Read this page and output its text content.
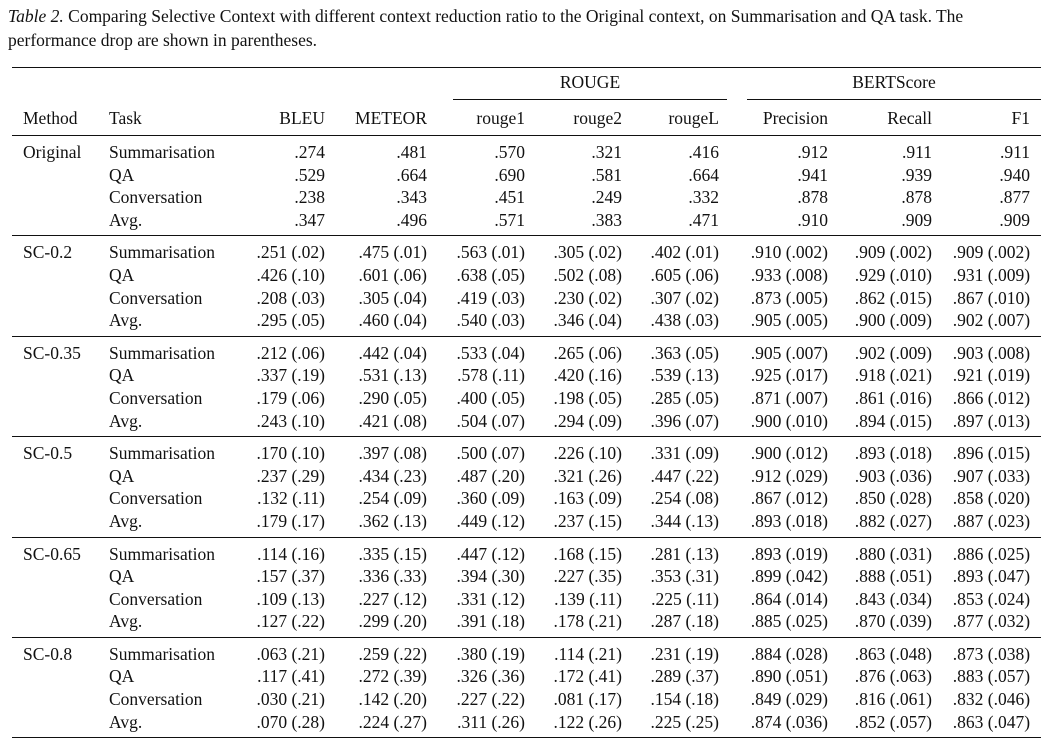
Table 2. Comparing Selective Context with different context reduction ratio to the Original context, on Summarisation and QA task. The performance drop are shown in parentheses.

				ROUGE			BERTScore		

Method	Task	BLEU	METEOR	rouge1	rouge2	rougeL	Precision	Recall	F1
Original	Summarisation	.274	.481	.570	.321	.416	.912	.911	.911
	QA	.529	.664	.690	.581	.664	.941	.939	.940
	Conversation	.238	.343	.451	.249	.332	.878	.878	.877
	Avg.	.347	.496	.571	.383	.471	.910	.909	.909
SC-0.2	Summarisation	.251 (.02)	.475 (.01)	.563 (.01)	.305 (.02)	.402 (.01)	.910 (.002)	.909 (.002)	.909 (.002)
	QA	.426 (.10)	.601 (.06)	.638 (.05)	.502 (.08)	.605 (.06)	.933 (.008)	.929 (.010)	.931 (.009)
	Conversation	.208 (.03)	.305 (.04)	.419 (.03)	.230 (.02)	.307 (.02)	.873 (.005)	.862 (.015)	.867 (.010)
	Avg.	.295 (.05)	.460 (.04)	.540 (.03)	.346 (.04)	.438 (.03)	.905 (.005)	.900 (.009)	.902 (.007)
SC-0.35	Summarisation	.212 (.06)	.442 (.04)	.533 (.04)	.265 (.06)	.363 (.05)	.905 (.007)	.902 (.009)	.903 (.008)
	QA	.337 (.19)	.531 (.13)	.578 (.11)	.420 (.16)	.539 (.13)	.925 (.017)	.918 (.021)	.921 (.019)
	Conversation	.179 (.06)	.290 (.05)	.400 (.05)	.198 (.05)	.285 (.05)	.871 (.007)	.861 (.016)	.866 (.012)
	Avg.	.243 (.10)	.421 (.08)	.504 (.07)	.294 (.09)	.396 (.07)	.900 (.010)	.894 (.015)	.897 (.013)
SC-0.5	Summarisation	.170 (.10)	.397 (.08)	.500 (.07)	.226 (.10)	.331 (.09)	.900 (.012)	.893 (.018)	.896 (.015)
	QA	.237 (.29)	.434 (.23)	.487 (.20)	.321 (.26)	.447 (.22)	.912 (.029)	.903 (.036)	.907 (.033)
	Conversation	.132 (.11)	.254 (.09)	.360 (.09)	.163 (.09)	.254 (.08)	.867 (.012)	.850 (.028)	.858 (.020)
	Avg.	.179 (.17)	.362 (.13)	.449 (.12)	.237 (.15)	.344 (.13)	.893 (.018)	.882 (.027)	.887 (.023)
SC-0.65	Summarisation	.114 (.16)	.335 (.15)	.447 (.12)	.168 (.15)	.281 (.13)	.893 (.019)	.880 (.031)	.886 (.025)
	QA	.157 (.37)	.336 (.33)	.394 (.30)	.227 (.35)	.353 (.31)	.899 (.042)	.888 (.051)	.893 (.047)
	Conversation	.109 (.13)	.227 (.12)	.331 (.12)	.139 (.11)	.225 (.11)	.864 (.014)	.843 (.034)	.853 (.024)
	Avg.	.127 (.22)	.299 (.20)	.391 (.18)	.178 (.21)	.287 (.18)	.885 (.025)	.870 (.039)	.877 (.032)
SC-0.8	Summarisation	.063 (.21)	.259 (.22)	.380 (.19)	.114 (.21)	.231 (.19)	.884 (.028)	.863 (.048)	.873 (.038)
	QA	.117 (.41)	.272 (.39)	.326 (.36)	.172 (.41)	.289 (.37)	.890 (.051)	.876 (.063)	.883 (.057)
	Conversation	.030 (.21)	.142 (.20)	.227 (.22)	.081 (.17)	.154 (.18)	.849 (.029)	.816 (.061)	.832 (.046)
	Avg.	.070 (.28)	.224 (.27)	.311 (.26)	.122 (.26)	.225 (.25)	.874 (.036)	.852 (.057)	.863 (.047)
